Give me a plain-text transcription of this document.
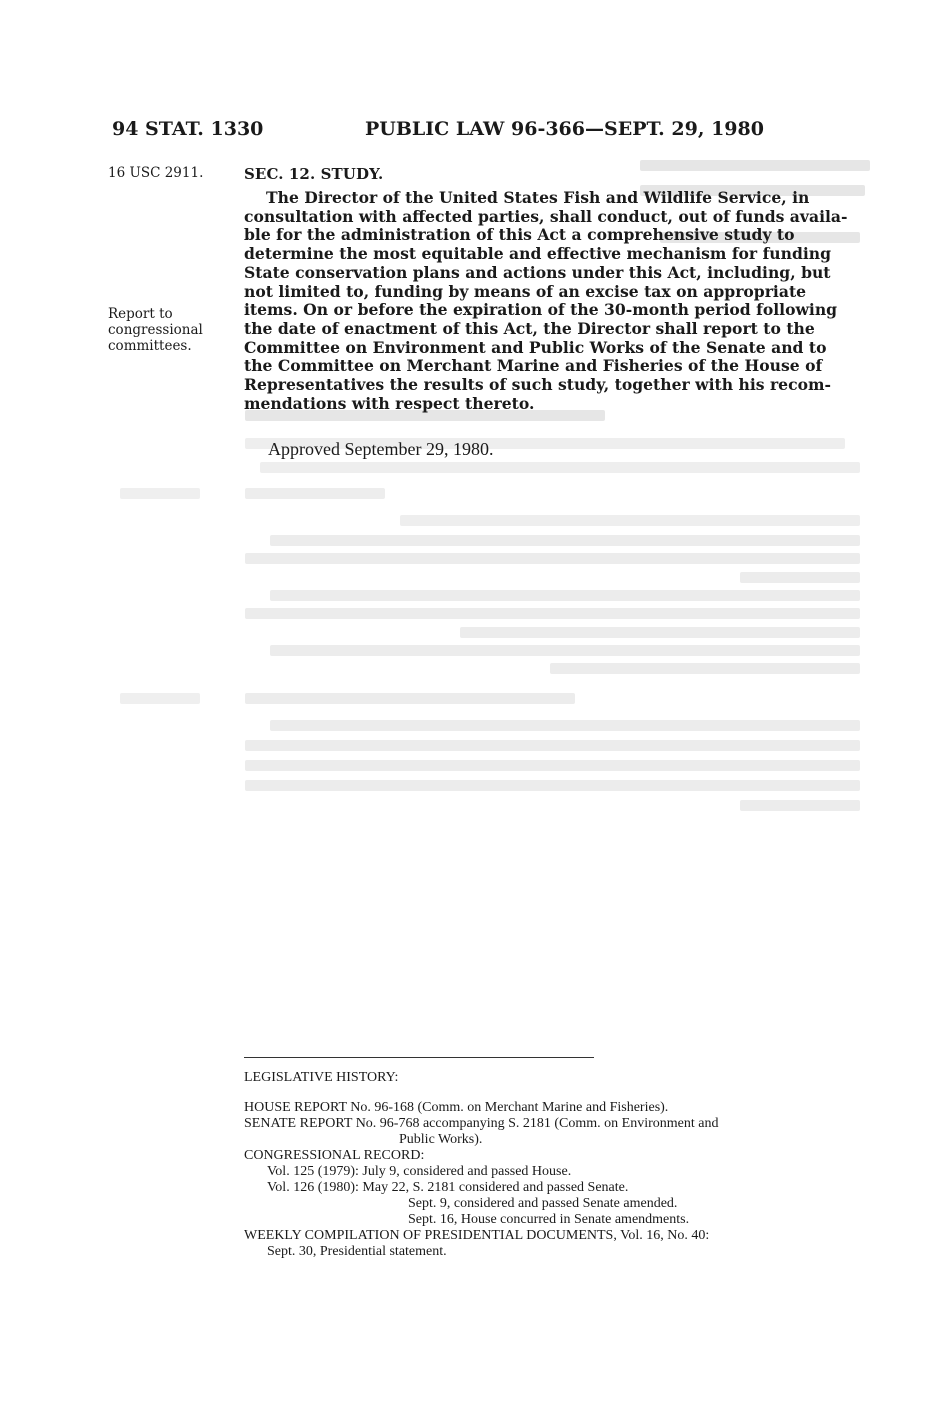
94 STAT. 1330	PUBLIC LAW 96-366—SEPT. 29, 1980
16 USC 2911.
Report to
congressional
committees.
SEC. 12. STUDY.
The Director of the United States Fish and Wildlife Service, in
consultation with affected parties, shall conduct, out of funds availa-
ble for the administration of this Act a comprehensive study to
determine the most equitable and effective mechanism for funding
State conservation plans and actions under this Act, including, but
not limited to, funding by means of an excise tax on appropriate
items. On or before the expiration of the 30-month period following
the date of enactment of this Act, the Director shall report to the
Committee on Environment and Public Works of the Senate and to
the Committee on Merchant Marine and Fisheries of the House of
Representatives the results of such study, together with his recom-
mendations with respect thereto.
Approved September 29, 1980.
LEGISLATIVE HISTORY:
HOUSE REPORT No. 96-168 (Comm. on Merchant Marine and Fisheries).
SENATE REPORT No. 96-768 accompanying S. 2181 (Comm. on Environment and
Public Works).
CONGRESSIONAL RECORD:
Vol. 125 (1979): July 9, considered and passed House.
Vol. 126 (1980): May 22, S. 2181 considered and passed Senate.
Sept. 9, considered and passed Senate amended.
Sept. 16, House concurred in Senate amendments.
WEEKLY COMPILATION OF PRESIDENTIAL DOCUMENTS, Vol. 16, No. 40:
Sept. 30, Presidential statement.
